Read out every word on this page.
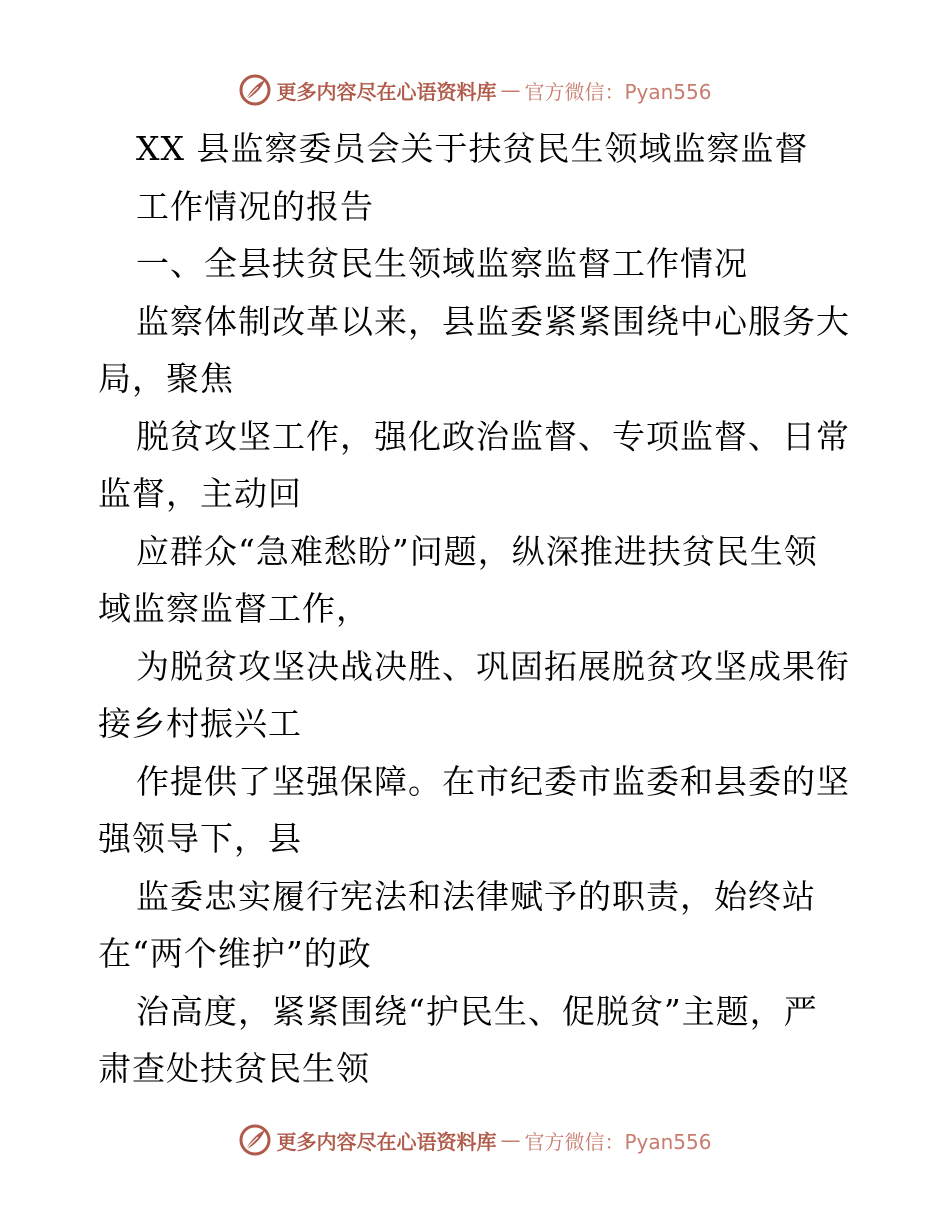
更多内容尽在心语资料库 — 官方微信：Pyan556
XX 县监察委员会关于扶贫民生领域监察监督
工作情况的报告
一、全县扶贫民生领域监察监督工作情况
监察体制改革以来，县监委紧紧围绕中心服务大
局，聚焦
脱贫攻坚工作，强化政治监督、专项监督、日常
监督，主动回
应群众“急难愁盼”问题，纵深推进扶贫民生领
域监察监督工作，
为脱贫攻坚决战决胜、巩固拓展脱贫攻坚成果衔
接乡村振兴工
作提供了坚强保障。在市纪委市监委和县委的坚
强领导下，县
监委忠实履行宪法和法律赋予的职责，始终站
在“两个维护”的政
治高度，紧紧围绕“护民生、促脱贫”主题，严
肃查处扶贫民生领
更多内容尽在心语资料库 — 官方微信：Pyan556
